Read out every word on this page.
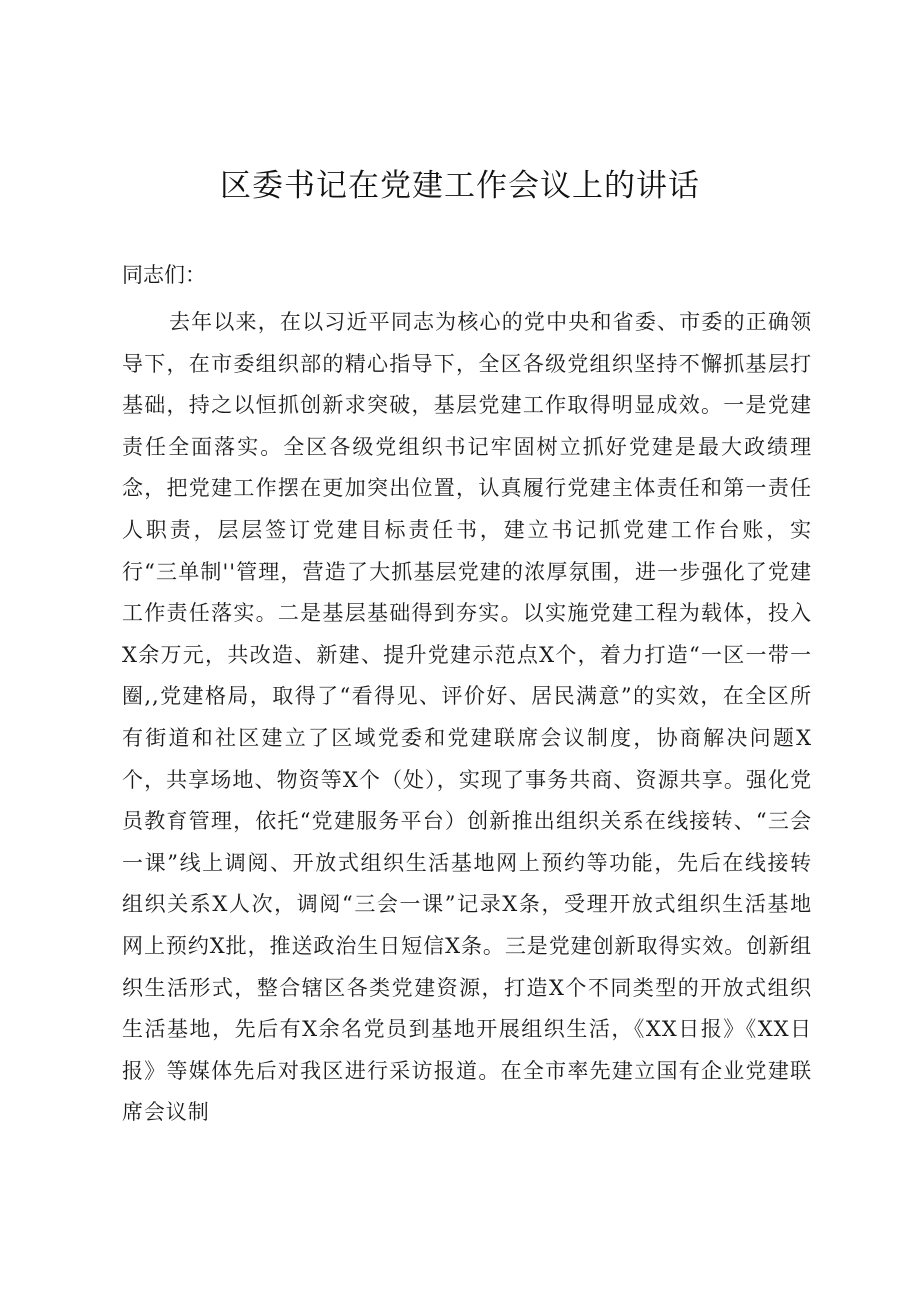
区委书记在党建工作会议上的讲话
同志们：

去年以来，在以习近平同志为核心的党中央和省委、市委的正确领导下，在市委组织部的精心指导下，全区各级党组织坚持不懈抓基层打基础，持之以恒抓创新求突破，基层党建工作取得明显成效。一是党建责任全面落实。全区各级党组织书记牢固树立抓好党建是最大政绩理念，把党建工作摆在更加突出位置，认真履行党建主体责任和第一责任人职责，层层签订党建目标责任书，建立书记抓党建工作台账，实行“三单制''管理，营造了大抓基层党建的浓厚氛围，进一步强化了党建工作责任落实。二是基层基础得到夯实。以实施党建工程为载体，投入X余万元，共改造、新建、提升党建示范点X个，着力打造“一区一带一圈,,党建格局，取得了“看得见、评价好、居民满意”的实效，在全区所有街道和社区建立了区域党委和党建联席会议制度，协商解决问题X个，共享场地、物资等X个（处），实现了事务共商、资源共享。强化党员教育管理，依托“党建服务平台）创新推出组织关系在线接转、“三会一课”线上调阅、开放式组织生活基地网上预约等功能，先后在线接转组织关系X人次，调阅“三会一课”记录X条，受理开放式组织生活基地网上预约X批，推送政治生日短信X条。三是党建创新取得实效。创新组织生活形式，整合辖区各类党建资源，打造X个不同类型的开放式组织生活基地，先后有X余名党员到基地开展组织生活，《XX日报》《XX日报》等媒体先后对我区进行采访报道。在全市率先建立国有企业党建联席会议制
